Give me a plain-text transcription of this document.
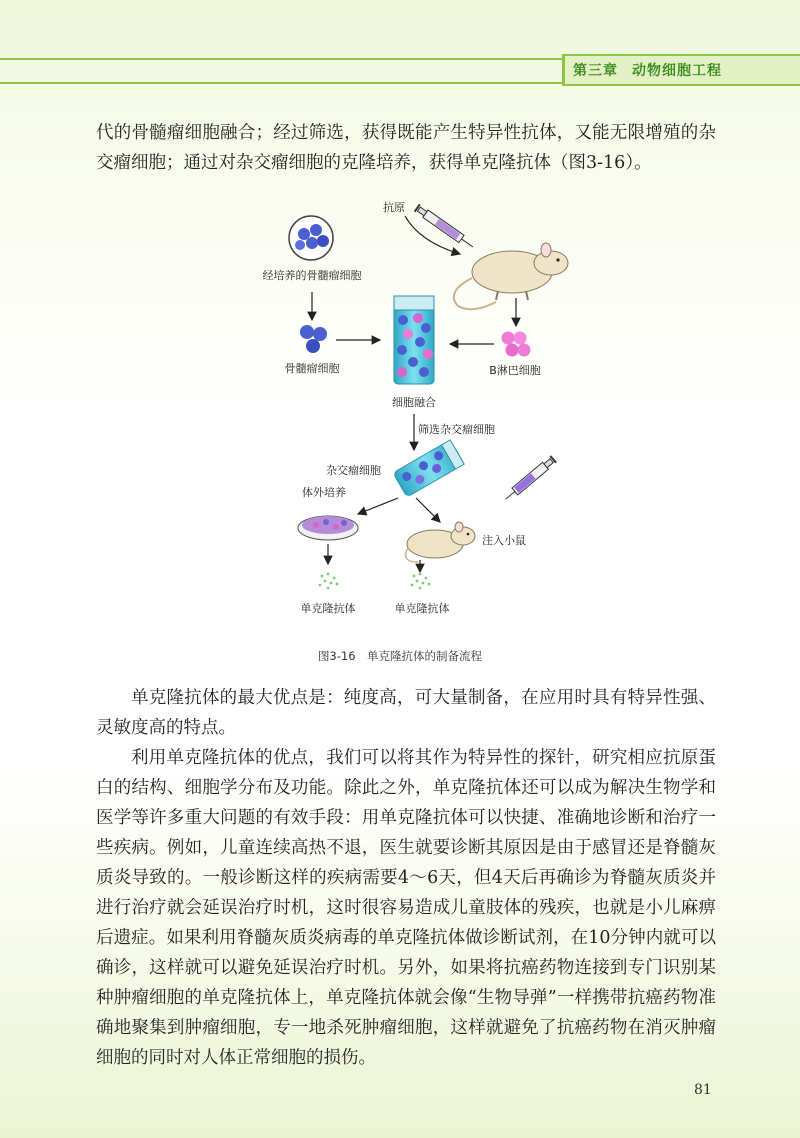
第三章 动物细胞工程

代的骨髓瘤细胞融合；经过筛选，获得既能产生特异性抗体，又能无限增殖的杂交瘤细胞；通过对杂交瘤细胞的克隆培养，获得单克隆抗体（图3-16）。

经培养的骨髓瘤细胞
骨髓瘤细胞
抗原
B淋巴细胞
细胞融合
筛选杂交瘤细胞
杂交瘤细胞
体外培养
注入小鼠
单克隆抗体	单克隆抗体
图3-16　单克隆抗体的制备流程

单克隆抗体的最大优点是：纯度高，可大量制备，在应用时具有特异性强、灵敏度高的特点。

利用单克隆抗体的优点，我们可以将其作为特异性的探针，研究相应抗原蛋白的结构、细胞学分布及功能。除此之外，单克隆抗体还可以成为解决生物学和医学等许多重大问题的有效手段：用单克隆抗体可以快捷、准确地诊断和治疗一些疾病。例如，儿童连续高热不退，医生就要诊断其原因是由于感冒还是脊髓灰质炎导致的。一般诊断这样的疾病需要4～6天，但4天后再确诊为脊髓灰质炎并进行治疗就会延误治疗时机，这时很容易造成儿童肢体的残疾，也就是小儿麻痹后遗症。如果利用脊髓灰质炎病毒的单克隆抗体做诊断试剂，在10分钟内就可以确诊，这样就可以避免延误治疗时机。另外，如果将抗癌药物连接到专门识别某种肿瘤细胞的单克隆抗体上，单克隆抗体就会像“生物导弹”一样携带抗癌药物准确地聚集到肿瘤细胞，专一地杀死肿瘤细胞，这样就避免了抗癌药物在消灭肿瘤细胞的同时对人体正常细胞的损伤。

81
